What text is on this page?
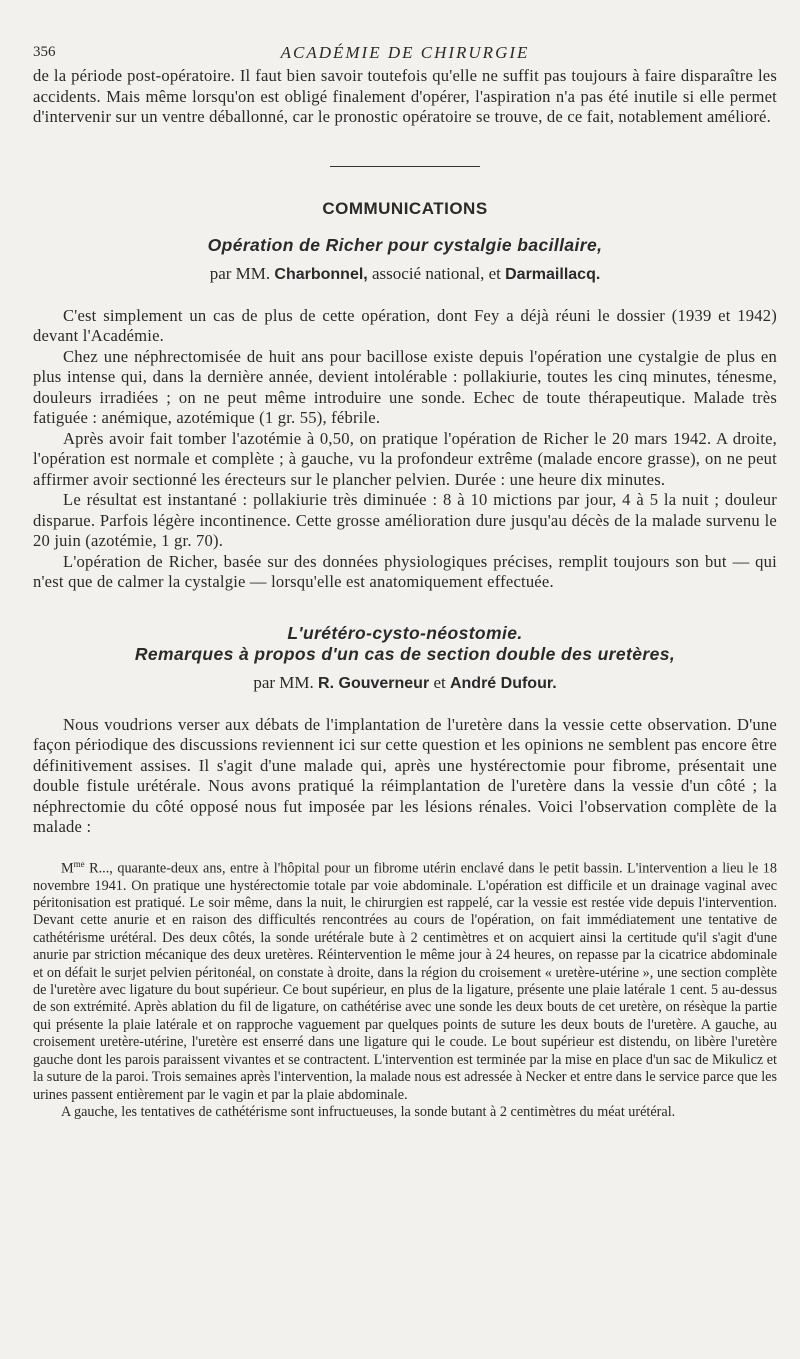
356	ACADÉMIE DE CHIRURGIE

de la période post-opératoire. Il faut bien savoir toutefois qu'elle ne suffit pas toujours à faire disparaître les accidents. Mais même lorsqu'on est obligé finalement d'opérer, l'aspiration n'a pas été inutile si elle permet d'intervenir sur un ventre déballonné, car le pronostic opératoire se trouve, de ce fait, notablement amélioré.

COMMUNICATIONS
Opération de Richer pour cystalgie bacillaire,
par MM. Charbonnel, associé national, et Darmaillacq.

C'est simplement un cas de plus de cette opération, dont Fey a déjà réuni le dossier (1939 et 1942) devant l'Académie.

Chez une néphrectomisée de huit ans pour bacillose existe depuis l'opération une cystalgie de plus en plus intense qui, dans la dernière année, devient intolérable : pollakiurie, toutes les cinq minutes, ténesme, douleurs irradiées ; on ne peut même introduire une sonde. Echec de toute thérapeutique. Malade très fatiguée : anémique, azotémique (1 gr. 55), fébrile.

Après avoir fait tomber l'azotémie à 0,50, on pratique l'opération de Richer le 20 mars 1942. A droite, l'opération est normale et complète ; à gauche, vu la profondeur extrême (malade encore grasse), on ne peut affirmer avoir sectionné les érecteurs sur le plancher pelvien. Durée : une heure dix minutes.

Le résultat est instantané : pollakiurie très diminuée : 8 à 10 mictions par jour, 4 à 5 la nuit ; douleur disparue. Parfois légère incontinence. Cette grosse amélioration dure jusqu'au décès de la malade survenu le 20 juin (azotémie, 1 gr. 70).

L'opération de Richer, basée sur des données physiologiques précises, remplit toujours son but — qui n'est que de calmer la cystalgie — lorsqu'elle est anatomiquement effectuée.

L'urétéro-cysto-néostomie.
Remarques à propos d'un cas de section double des uretères,
par MM. R. Gouverneur et André Dufour.

Nous voudrions verser aux débats de l'implantation de l'uretère dans la vessie cette observation. D'une façon périodique des discussions reviennent ici sur cette question et les opinions ne semblent pas encore être définitivement assises. Il s'agit d'une malade qui, après une hystérectomie pour fibrome, présentait une double fistule urétérale. Nous avons pratiqué la réimplantation de l'uretère dans la vessie d'un côté ; la néphrectomie du côté opposé nous fut imposée par les lésions rénales. Voici l'observation complète de la malade :

$M^{me}$ R..., quarante-deux ans, entre à l'hôpital pour un fibrome utérin enclavé dans le petit bassin. L'intervention a lieu le 18 novembre 1941. On pratique une hystérectomie totale par voie abdominale. L'opération est difficile et un drainage vaginal avec péritonisation est pratiqué. Le soir même, dans la nuit, le chirurgien est rappelé, car la vessie est restée vide depuis l'intervention. Devant cette anurie et en raison des difficultés rencontrées au cours de l'opération, on fait immédiatement une tentative de cathétérisme urétéral. Des deux côtés, la sonde urétérale bute à 2 centimètres et on acquiert ainsi la certitude qu'il s'agit d'une anurie par striction mécanique des deux uretères. Réintervention le même jour à 24 heures, on repasse par la cicatrice abdominale et on défait le surjet pelvien péritonéal, on constate à droite, dans la région du croisement « uretère-utérine », une section complète de l'uretère avec ligature du bout supérieur. Ce bout supérieur, en plus de la ligature, présente une plaie latérale 1 cent. 5 au-dessus de son extrémité. Après ablation du fil de ligature, on cathétérise avec une sonde les deux bouts de cet uretère, on résèque la partie qui présente la plaie latérale et on rapproche vaguement par quelques points de suture les deux bouts de l'uretère. A gauche, au croisement uretère-utérine, l'uretère est enserré dans une ligature qui le coude. Le bout supérieur est distendu, on libère l'uretère gauche dont les parois paraissent vivantes et se contractent. L'intervention est terminée par la mise en place d'un sac de Mikulicz et la suture de la paroi. Trois semaines après l'intervention, la malade nous est adressée à Necker et entre dans le service parce que les urines passent entièrement par le vagin et par la plaie abdominale.

A gauche, les tentatives de cathétérisme sont infructueuses, la sonde butant à 2 centimètres du méat urétéral.
